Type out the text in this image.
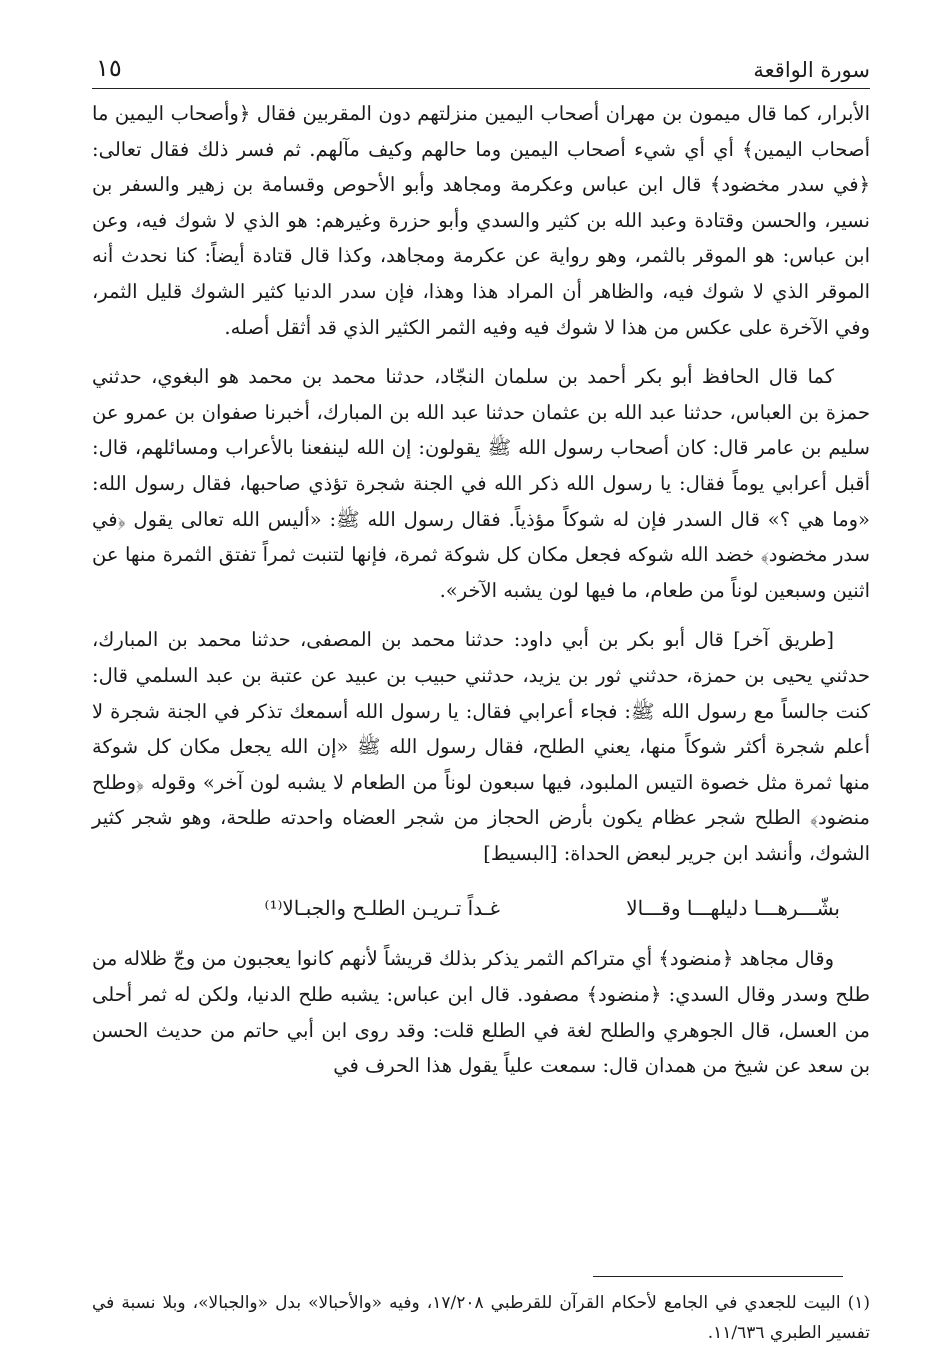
سورة الواقعة
١٥

الأبرار، كما قال ميمون بن مهران أصحاب اليمين منزلتهم دون المقربين فقال ﴿وأصحاب اليمين ما أصحاب اليمين﴾ أي أي شيء أصحاب اليمين وما حالهم وكيف مآلهم. ثم فسر ذلك فقال تعالى: ﴿في سدر مخضود﴾ قال ابن عباس وعكرمة ومجاهد وأبو الأحوص وقسامة بن زهير والسفر بن نسير، والحسن وقتادة وعبد الله بن كثير والسدي وأبو حزرة وغيرهم: هو الذي لا شوك فيه، وعن ابن عباس: هو الموقر بالثمر، وهو رواية عن عكرمة ومجاهد، وكذا قال قتادة أيضاً: كنا نحدث أنه الموقر الذي لا شوك فيه، والظاهر أن المراد هذا وهذا، فإن سدر الدنيا كثير الشوك قليل الثمر، وفي الآخرة على عكس من هذا لا شوك فيه وفيه الثمر الكثير الذي قد أثقل أصله.

كما قال الحافظ أبو بكر أحمد بن سلمان النجّاد، حدثنا محمد بن محمد هو البغوي، حدثني حمزة بن العباس، حدثنا عبد الله بن عثمان حدثنا عبد الله بن المبارك، أخبرنا صفوان بن عمرو عن سليم بن عامر قال: كان أصحاب رسول الله ﷺ يقولون: إن الله لينفعنا بالأعراب ومسائلهم، قال: أقبل أعرابي يوماً فقال: يا رسول الله ذكر الله في الجنة شجرة تؤذي صاحبها، فقال رسول الله: «وما هي ؟» قال السدر فإن له شوكاً مؤذياً. فقال رسول الله ﷺ: «أليس الله تعالى يقول ﴿في سدر مخضود﴾ خضد الله شوكه فجعل مكان كل شوكة ثمرة، فإنها لتنبت ثمراً تفتق الثمرة منها عن اثنين وسبعين لوناً من طعام، ما فيها لون يشبه الآخر».

[طريق آخر] قال أبو بكر بن أبي داود: حدثنا محمد بن المصفى، حدثنا محمد بن المبارك، حدثني يحيى بن حمزة، حدثني ثور بن يزيد، حدثني حبيب بن عبيد عن عتبة بن عبد السلمي قال: كنت جالساً مع رسول الله ﷺ: فجاء أعرابي فقال: يا رسول الله أسمعك تذكر في الجنة شجرة لا أعلم شجرة أكثر شوكاً منها، يعني الطلح، فقال رسول الله ﷺ «إن الله يجعل مكان كل شوكة منها ثمرة مثل خصوة التيس الملبود، فيها سبعون لوناً من الطعام لا يشبه لون آخر» وقوله ﴿وطلح منضود﴾ الطلح شجر عظام يكون بأرض الحجاز من شجر العضاه واحدته طلحة، وهو شجر كثير الشوك، وأنشد ابن جرير لبعض الحداة: [البسيط]

بشّـــرهـــا دليلهـــا وقـــالا
غـداً تـريـن الطلـح والجبـالا⁽¹⁾

وقال مجاهد ﴿منضود﴾ أي متراكم الثمر يذكر بذلك قريشاً لأنهم كانوا يعجبون من وجّ ظلاله من طلح وسدر وقال السدي: ﴿منضود﴾ مصفود. قال ابن عباس: يشبه طلح الدنيا، ولكن له ثمر أحلى من العسل، قال الجوهري والطلح لغة في الطلع قلت: وقد روى ابن أبي حاتم من حديث الحسن بن سعد عن شيخ من همدان قال: سمعت علياً يقول هذا الحرف في

(١) البيت للجعدي في الجامع لأحكام القرآن للقرطبي ١٧/٢٠٨، وفيه «والأحبالا» بدل «والجبالا»، وبلا نسبة في تفسير الطبري ١١/٦٣٦.
